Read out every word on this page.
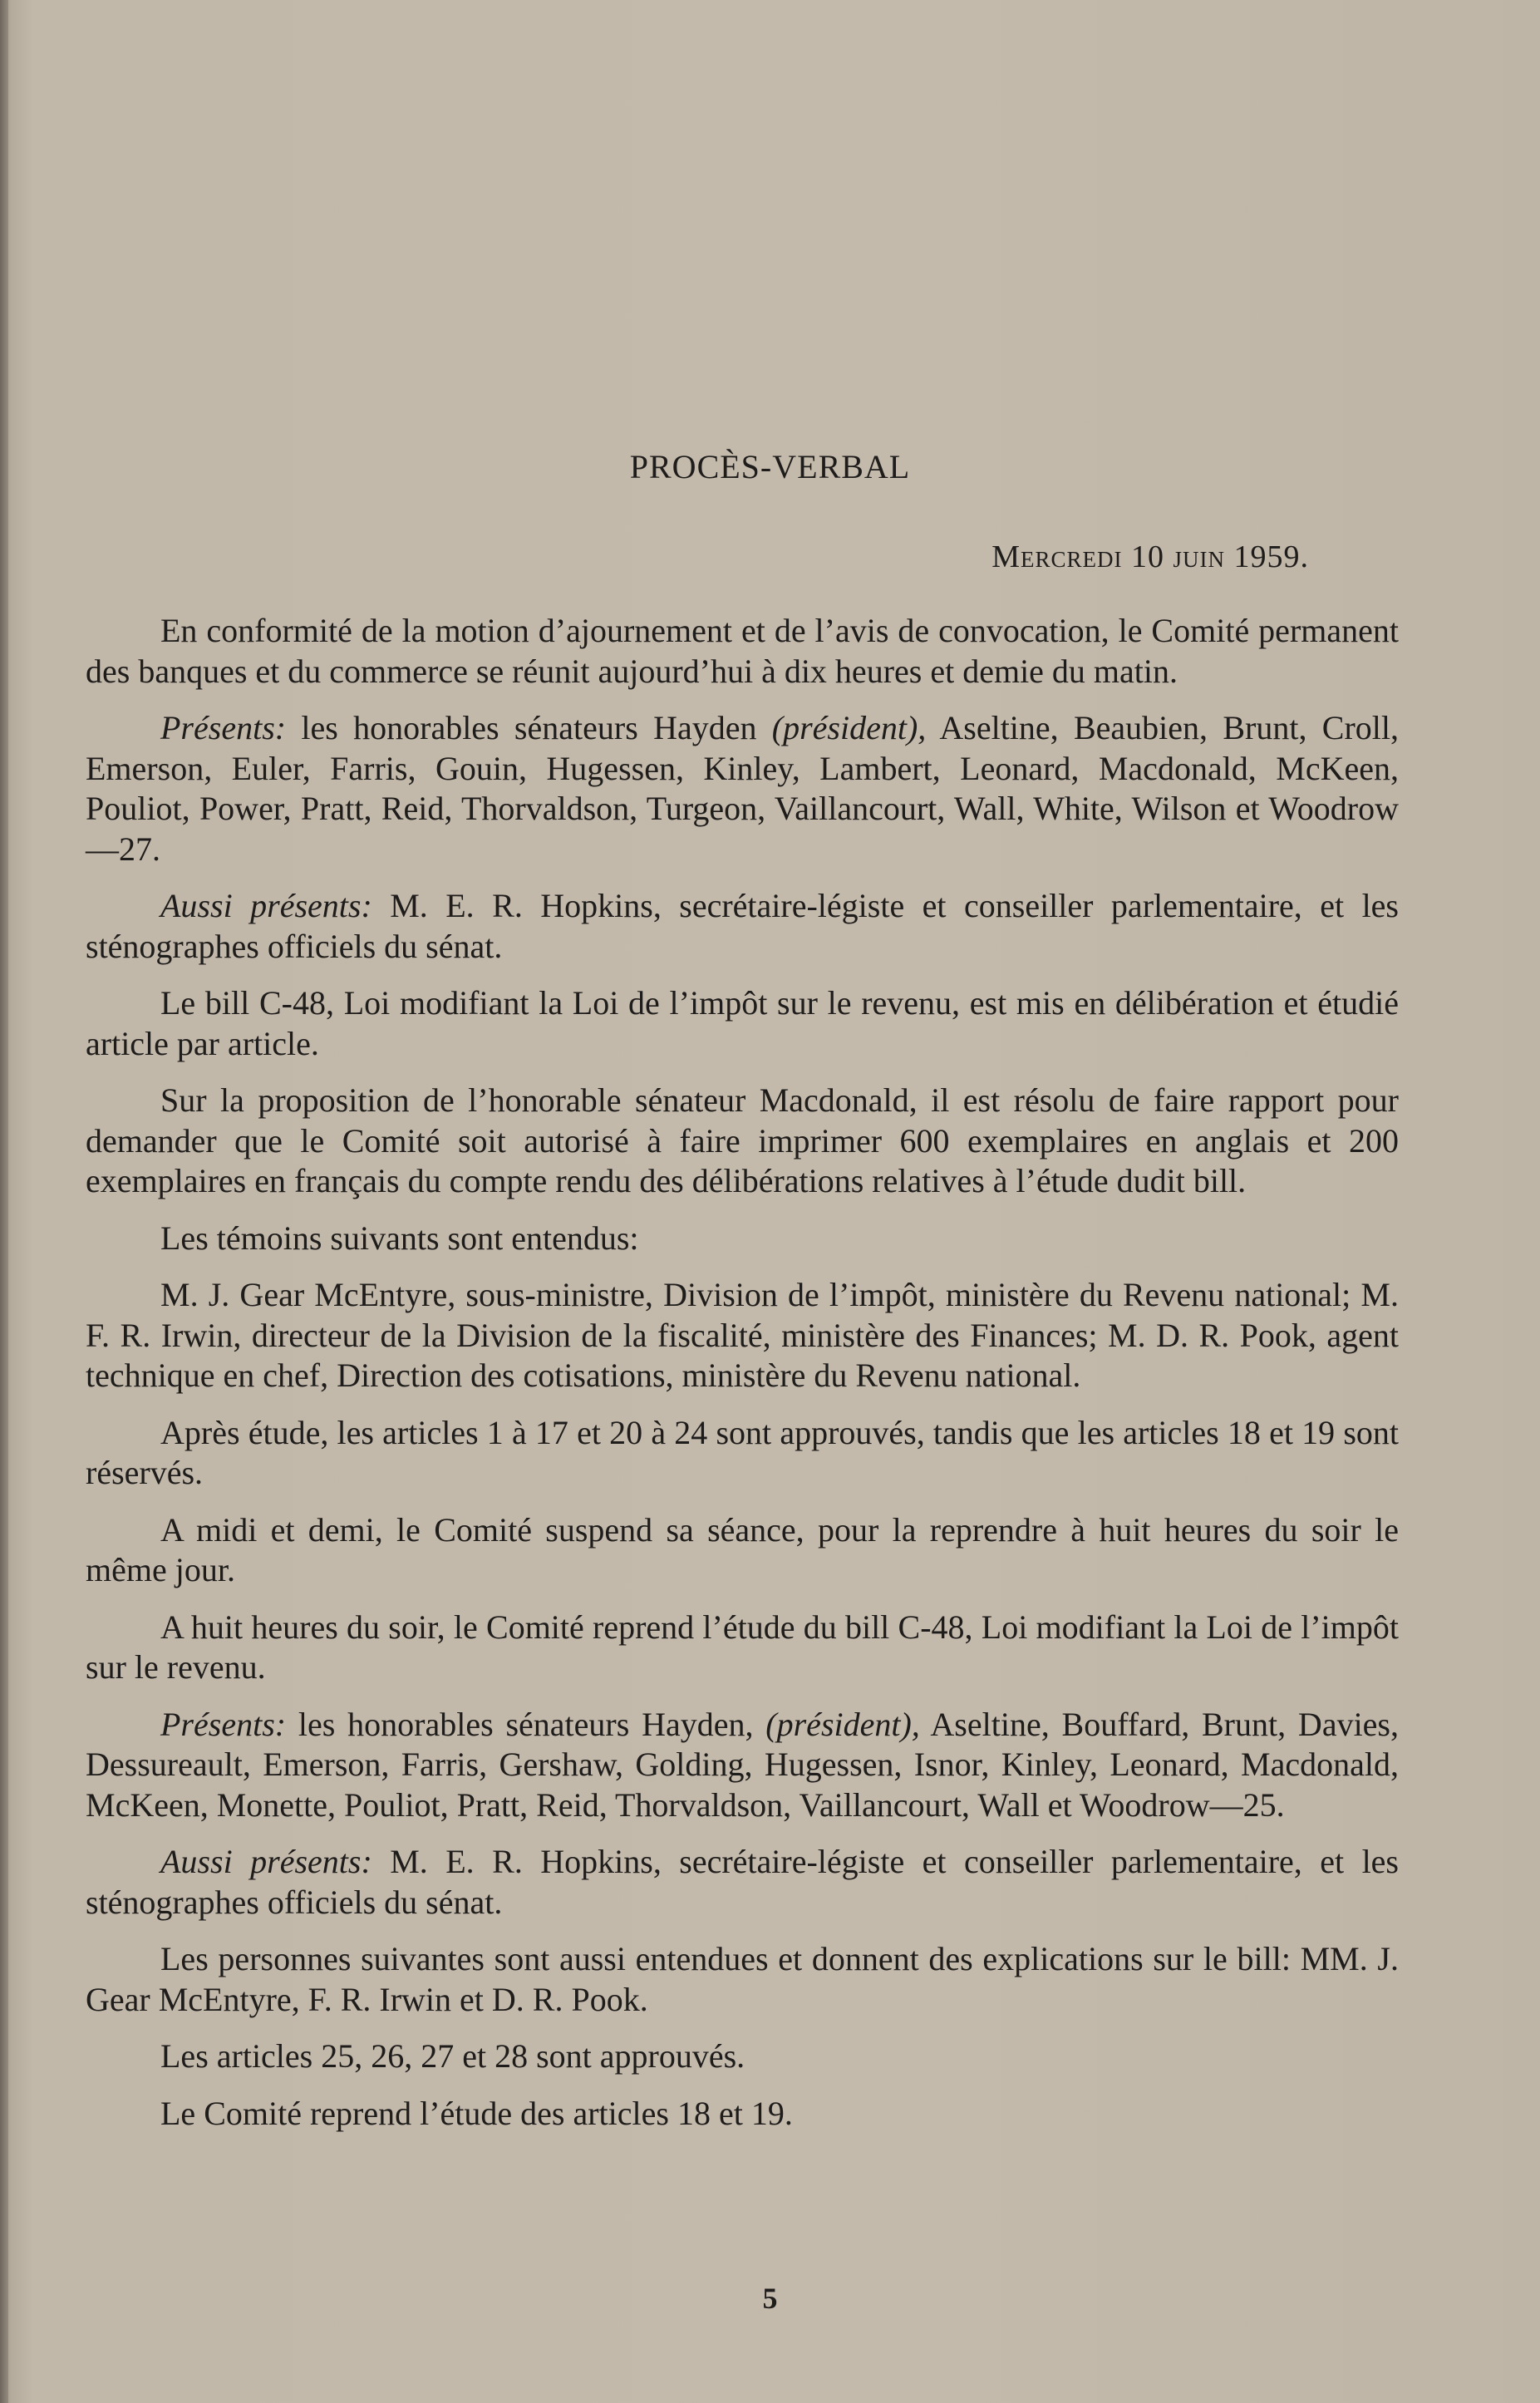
PROCÈS-VERBAL
Mercredi 10 juin 1959.

En conformité de la motion d’ajournement et de l’avis de convocation, le Comité permanent des banques et du commerce se réunit aujourd’hui à dix heures et demie du matin.

Présents: les honorables sénateurs Hayden (président), Aseltine, Beaubien, Brunt, Croll, Emerson, Euler, Farris, Gouin, Hugessen, Kinley, Lambert, Leonard, Macdonald, McKeen, Pouliot, Power, Pratt, Reid, Thorvaldson, Turgeon, Vaillancourt, Wall, White, Wilson et Woodrow—27.

Aussi présents: M. E. R. Hopkins, secrétaire-légiste et conseiller parlementaire, et les sténographes officiels du sénat.

Le bill C-48, Loi modifiant la Loi de l’impôt sur le revenu, est mis en délibération et étudié article par article.

Sur la proposition de l’honorable sénateur Macdonald, il est résolu de faire rapport pour demander que le Comité soit autorisé à faire imprimer 600 exemplaires en anglais et 200 exemplaires en français du compte rendu des délibérations relatives à l’étude dudit bill.

Les témoins suivants sont entendus:

M. J. Gear McEntyre, sous-ministre, Division de l’impôt, ministère du Revenu national; M. F. R. Irwin, directeur de la Division de la fiscalité, ministère des Finances; M. D. R. Pook, agent technique en chef, Direction des cotisations, ministère du Revenu national.

Après étude, les articles 1 à 17 et 20 à 24 sont approuvés, tandis que les articles 18 et 19 sont réservés.

A midi et demi, le Comité suspend sa séance, pour la reprendre à huit heures du soir le même jour.

A huit heures du soir, le Comité reprend l’étude du bill C-48, Loi modifiant la Loi de l’impôt sur le revenu.

Présents: les honorables sénateurs Hayden, (président), Aseltine, Bouffard, Brunt, Davies, Dessureault, Emerson, Farris, Gershaw, Golding, Hugessen, Isnor, Kinley, Leonard, Macdonald, McKeen, Monette, Pouliot, Pratt, Reid, Thorvaldson, Vaillancourt, Wall et Woodrow—25.

Aussi présents: M. E. R. Hopkins, secrétaire-légiste et conseiller parlementaire, et les sténographes officiels du sénat.

Les personnes suivantes sont aussi entendues et donnent des explications sur le bill: MM. J. Gear McEntyre, F. R. Irwin et D. R. Pook.

Les articles 25, 26, 27 et 28 sont approuvés.

Le Comité reprend l’étude des articles 18 et 19.

5
